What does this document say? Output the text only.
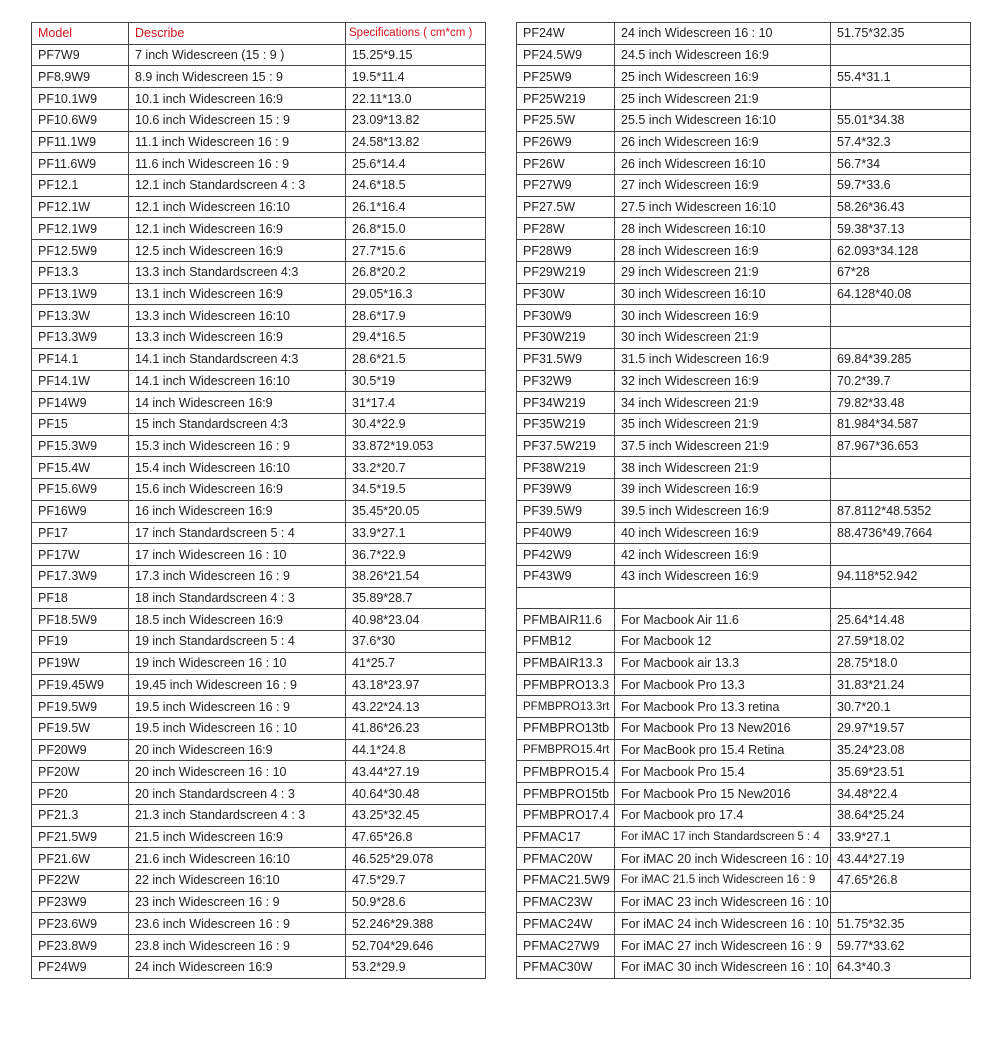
Model	Describe	Specifications ( cm*cm )
PF7W9	7 inch Widescreen (15 : 9 )	15.25*9.15
PF8.9W9	8.9 inch Widescreen 15 : 9	19.5*11.4
PF10.1W9	10.1 inch Widescreen 16:9	22.11*13.0
PF10.6W9	10.6 inch Widescreen 15 : 9	23.09*13.82
PF11.1W9	11.1 inch Widescreen 16 : 9	24.58*13.82
PF11.6W9	11.6 inch Widescreen 16 : 9	25.6*14.4
PF12.1	12.1 inch Standardscreen 4 : 3	24.6*18.5
PF12.1W	12.1 inch Widescreen 16:10	26.1*16.4
PF12.1W9	12.1 inch Widescreen 16:9	26.8*15.0
PF12.5W9	12.5 inch Widescreen 16:9	27.7*15.6
PF13.3	13.3 inch Standardscreen 4:3	26.8*20.2
PF13.1W9	13.1 inch Widescreen 16:9	29.05*16.3
PF13.3W	13.3 inch Widescreen 16:10	28.6*17.9
PF13.3W9	13.3 inch Widescreen 16:9	29.4*16.5
PF14.1	14.1 inch Standardscreen 4:3	28.6*21.5
PF14.1W	14.1 inch Widescreen 16:10	30.5*19
PF14W9	14 inch Widescreen 16:9	31*17.4
PF15	15 inch Standardscreen 4:3	30.4*22.9
PF15.3W9	15.3 inch Widescreen 16 : 9	33.872*19.053
PF15.4W	15.4 inch Widescreen 16:10	33.2*20.7
PF15.6W9	15.6 inch Widescreen 16:9	34.5*19.5
PF16W9	16 inch Widescreen 16:9	35.45*20.05
PF17	17 inch Standardscreen 5 : 4	33.9*27.1
PF17W	17 inch Widescreen 16 : 10	36.7*22.9
PF17.3W9	17.3 inch Widescreen 16 : 9	38.26*21.54
PF18	18 inch Standardscreen 4 : 3	35.89*28.7
PF18.5W9	18.5 inch Widescreen 16:9	40.98*23.04
PF19	19 inch Standardscreen 5 : 4	37.6*30
PF19W	19 inch Widescreen 16 : 10	41*25.7
PF19.45W9	19.45 inch Widescreen 16 : 9	43.18*23.97
PF19.5W9	19.5 inch Widescreen 16 : 9	43.22*24.13
PF19.5W	19.5 inch Widescreen 16 : 10	41.86*26.23
PF20W9	20 inch Widescreen 16:9	44.1*24.8
PF20W	20 inch Widescreen 16 : 10	43.44*27.19
PF20	20 inch Standardscreen 4 : 3	40.64*30.48
PF21.3	21.3 inch Standardscreen 4 : 3	43.25*32.45
PF21.5W9	21.5 inch Widescreen 16:9	47.65*26.8
PF21.6W	21.6 inch Widescreen 16:10	46.525*29.078
PF22W	22 inch Widescreen 16:10	47.5*29.7
PF23W9	23 inch Widescreen 16 : 9	50.9*28.6
PF23.6W9	23.6 inch Widescreen 16 : 9	52.246*29.388
PF23.8W9	23.8 inch Widescreen 16 : 9	52.704*29.646
PF24W9	24 inch Widescreen 16:9	53.2*29.9
PF24W	24 inch Widescreen 16 : 10	51.75*32.35
PF24.5W9	24.5 inch Widescreen 16:9	
PF25W9	25 inch Widescreen 16:9	55.4*31.1
PF25W219	25 inch Widescreen 21:9	
PF25.5W	25.5 inch Widescreen 16:10	55.01*34.38
PF26W9	26 inch Widescreen 16:9	57.4*32.3
PF26W	26 inch Widescreen 16:10	56.7*34
PF27W9	27 inch Widescreen 16:9	59.7*33.6
PF27.5W	27.5 inch Widescreen 16:10	58.26*36.43
PF28W	28 inch Widescreen 16:10	59.38*37.13
PF28W9	28 inch Widescreen 16:9	62.093*34.128
PF29W219	29 inch Widescreen 21:9	67*28
PF30W	30 inch Widescreen 16:10	64.128*40.08
PF30W9	30 inch Widescreen 16:9	
PF30W219	30 inch Widescreen 21:9	
PF31.5W9	31.5 inch Widescreen 16:9	69.84*39.285
PF32W9	32 inch Widescreen 16:9	70.2*39.7
PF34W219	34 inch Widescreen 21:9	79.82*33.48
PF35W219	35 inch Widescreen 21:9	81.984*34.587
PF37.5W219	37.5 inch Widescreen 21:9	87.967*36.653
PF38W219	38 inch Widescreen 21:9	
PF39W9	39 inch Widescreen 16:9	
PF39.5W9	39.5 inch Widescreen 16:9	87.8112*48.5352
PF40W9	40 inch Widescreen 16:9	88.4736*49.7664
PF42W9	42 inch Widescreen 16:9	
PF43W9	43 inch Widescreen 16:9	94.118*52.942

PFMBAIR11.6	For Macbook Air 11.6	25.64*14.48
PFMB12	For Macbook 12	27.59*18.02
PFMBAIR13.3	For Macbook air 13.3	28.75*18.0
PFMBPRO13.3	For Macbook Pro 13.3	31.83*21.24
PFMBPRO13.3rt	For Macbook Pro 13.3 retina	30.7*20.1
PFMBPRO13tb	For Macbook Pro 13 New2016	29.97*19.57
PFMBPRO15.4rt	For MacBook pro 15.4 Retina	35.24*23.08
PFMBPRO15.4	For Macbook Pro 15.4	35.69*23.51
PFMBPRO15tb	For Macbook Pro 15 New2016	34.48*22.4
PFMBPRO17.4	For Macbook pro 17.4	38.64*25.24
PFMAC17	For iMAC 17 inch Standardscreen 5 : 4	33.9*27.1
PFMAC20W	For iMAC 20 inch Widescreen 16 : 10	43.44*27.19
PFMAC21.5W9	For iMAC 21.5 inch Widescreen 16 : 9	47.65*26.8
PFMAC23W	For iMAC 23 inch Widescreen 16 : 10	
PFMAC24W	For iMAC 24 inch Widescreen 16 : 10	51.75*32.35
PFMAC27W9	For iMAC 27 inch Widescreen 16 : 9	59.77*33.62
PFMAC30W	For iMAC 30 inch Widescreen 16 : 10	64.3*40.3
